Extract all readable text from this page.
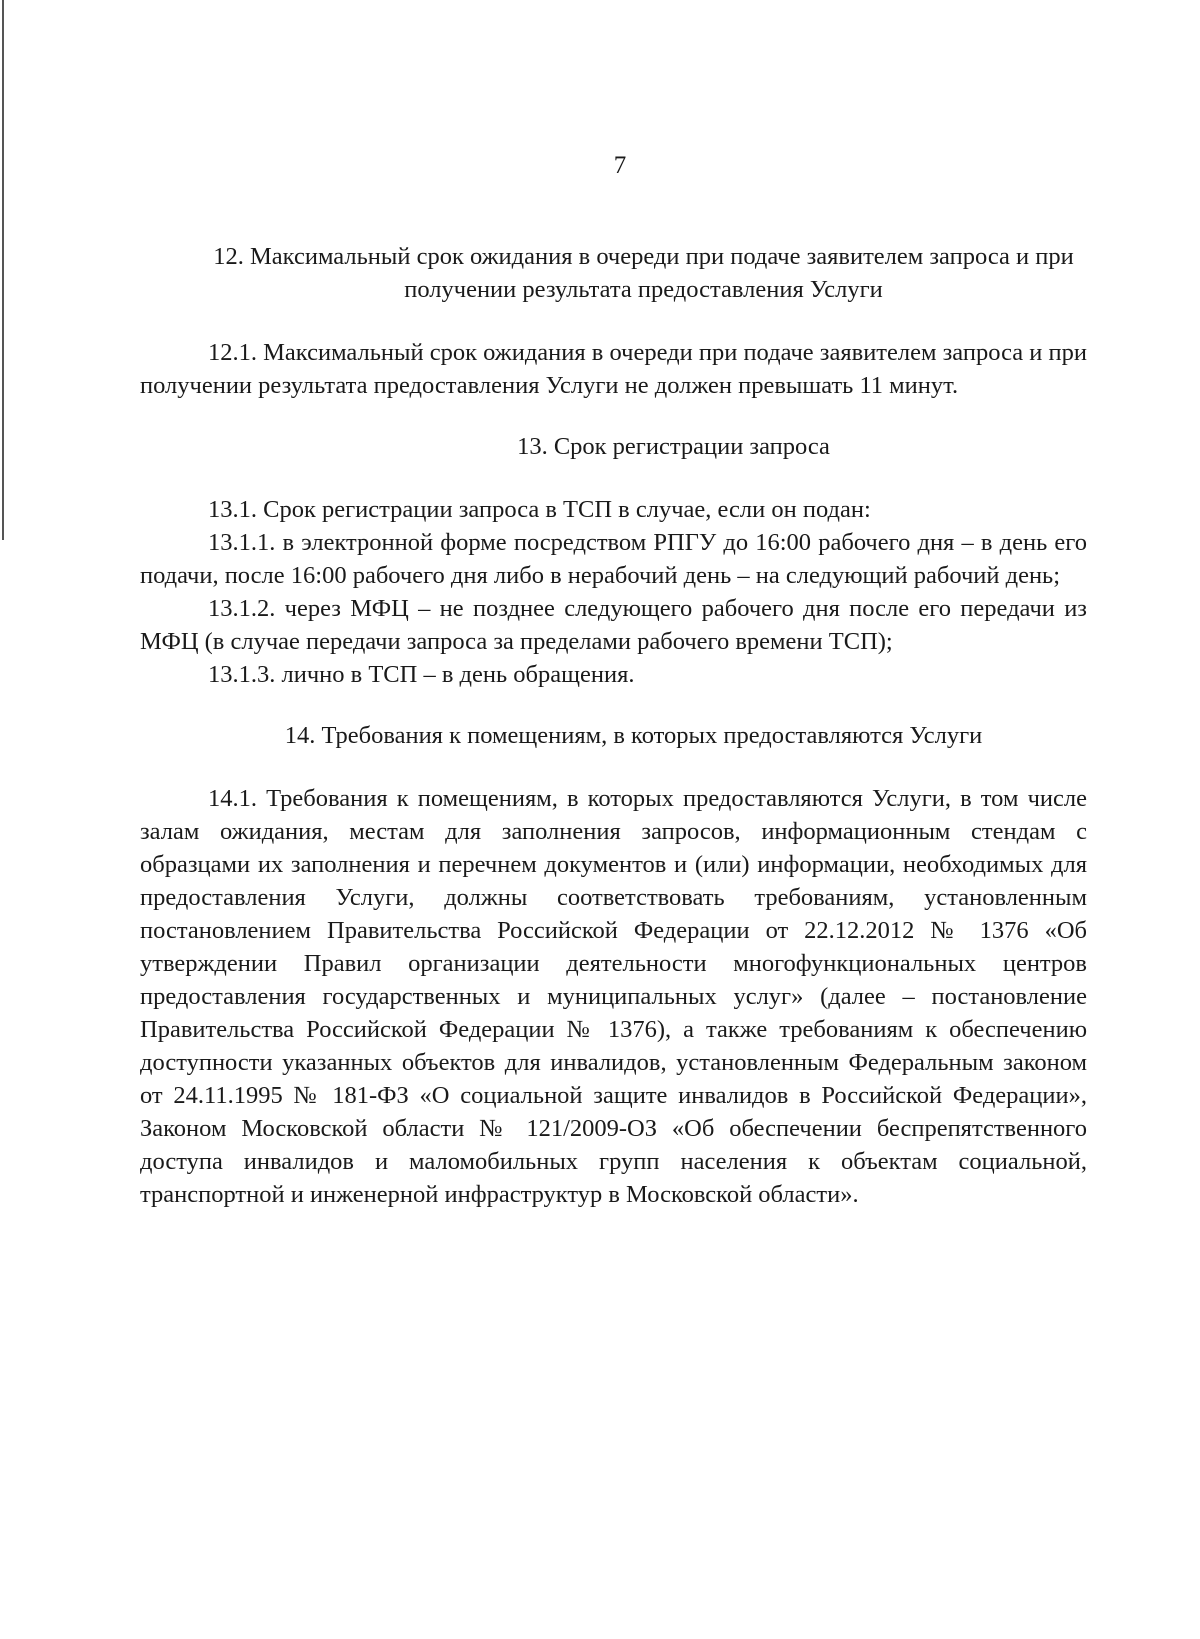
7

12. Максимальный срок ожидания в очереди при подаче заявителем запроса и при получении результата предоставления Услуги

12.1. Максимальный срок ожидания в очереди при подаче заявителем запроса и при получении результата предоставления Услуги не должен превышать 11 минут.

13. Срок регистрации запроса

13.1. Срок регистрации запроса в ТСП в случае, если он подан:

13.1.1. в электронной форме посредством РПГУ до 16:00 рабочего дня – в день его подачи, после 16:00 рабочего дня либо в нерабочий день – на следующий рабочий день;

13.1.2. через МФЦ – не позднее следующего рабочего дня после его передачи из МФЦ (в случае передачи запроса за пределами рабочего времени ТСП);

13.1.3. лично в ТСП – в день обращения.

14. Требования к помещениям, в которых предоставляются Услуги

14.1. Требования к помещениям, в которых предоставляются Услуги, в том числе залам ожидания, местам для заполнения запросов, информационным стендам с образцами их заполнения и перечнем документов и (или) информации, необходимых для предоставления Услуги, должны соответствовать требованиям, установленным постановлением Правительства Российской Федерации от 22.12.2012 № 1376 «Об утверждении Правил организации деятельности многофункциональных центров предоставления государственных и муниципальных услуг» (далее – постановление Правительства Российской Федерации № 1376), а также требованиям к обеспечению доступности указанных объектов для инвалидов, установленным Федеральным законом от 24.11.1995 № 181-ФЗ «О социальной защите инвалидов в Российской Федерации», Законом Московской области № 121/2009-ОЗ «Об обеспечении беспрепятственного доступа инвалидов и маломобильных групп населения к объектам социальной, транспортной и инженерной инфраструктур в Московской области».
